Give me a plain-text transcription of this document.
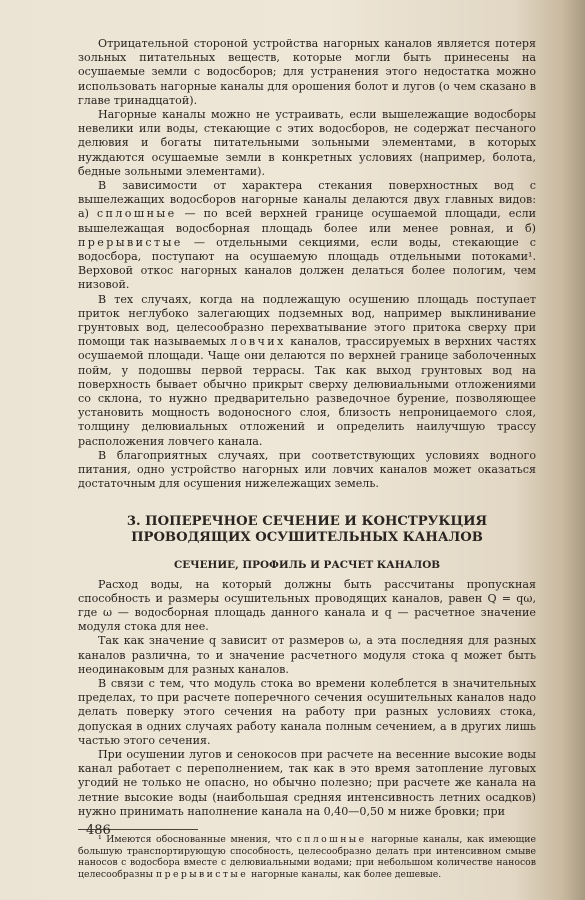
Отрицательной стороной устройства нагорных каналов является потеря зольных питательных веществ, которые могли быть принесены на осушаемые земли с водосборов; для устранения этого недостатка можно использовать нагорные каналы для орошения болот и лугов (о чем сказано в главе тринадцатой).

Нагорные каналы можно не устраивать, если вышележащие водосборы невелики или воды, стекающие с этих водосборов, не содержат песчаного делювия и богаты питательными зольными элементами, в которых нуждаются осушаемые земли в конкретных условиях (например, болота, бедные зольными элементами).

В зависимости от характера стекания поверхностных вод с вышележащих водосборов нагорные каналы делаются двух главных видов: а) сплошные — по всей верхней границе осушаемой площади, если вышележащая водосборная площадь более или менее ровная, и б) прерывистые — отдельными секциями, если воды, стекающие с водосбора, поступают на осушаемую площадь отдельными потоками¹. Верховой откос нагорных каналов должен делаться более пологим, чем низовой.

В тех случаях, когда на подлежащую осушению площадь поступает приток неглубоко залегающих подземных вод, например выклинивание грунтовых вод, целесообразно перехватывание этого притока сверху при помощи так называемых ловчих каналов, трассируемых в верхних частях осушаемой площади. Чаще они делаются по верхней границе заболоченных пойм, у подошвы первой террасы. Так как выход грунтовых вод на поверхность бывает обычно прикрыт сверху делювиальными отложениями со склона, то нужно предварительно разведочное бурение, позволяющее установить мощность водоносного слоя, близость непроницаемого слоя, толщину делювиальных отложений и определить наилучшую трассу расположения ловчего канала.

В благоприятных случаях, при соответствующих условиях водного питания, одно устройство нагорных или ловчих каналов может оказаться достаточным для осушения нижележащих земель.

3. ПОПЕРЕЧНОЕ СЕЧЕНИЕ И КОНСТРУКЦИЯ ПРОВОДЯЩИХ ОСУШИТЕЛЬНЫХ КАНАЛОВ
СЕЧЕНИЕ, ПРОФИЛЬ И РАСЧЕТ КАНАЛОВ

Расход воды, на который должны быть рассчитаны пропускная способность и размеры осушительных проводящих каналов, равен Q = qω, где ω — водосборная площадь данного канала и q — расчетное значение модуля стока для нее.

Так как значение q зависит от размеров ω, а эта последняя для разных каналов различна, то и значение расчетного модуля стока q может быть неодинаковым для разных каналов.

В связи с тем, что модуль стока во времени колеблется в значительных пределах, то при расчете поперечного сечения осушительных каналов надо делать поверку этого сечения на работу при разных условиях стока, допуская в одних случаях работу канала полным сечением, а в других лишь частью этого сечения.

При осушении лугов и сенокосов при расчете на весенние высокие воды канал работает с переполнением, так как в это время затопление луговых угодий не только не опасно, но обычно полезно; при расчете же канала на летние высокие воды (наибольшая средняя интенсивность летних осадков) нужно принимать наполнение канала на 0,40—0,50 м ниже бровки; при

¹ Имеются обоснованные мнения, что сплошные нагорные каналы, как имеющие большую транспортирующую способность, целесообразно делать при интенсивном смыве наносов с водосбора вместе с делювиальными водами; при небольшом количестве наносов целесообразны прерывистые нагорные каналы, как более дешевые.

486
